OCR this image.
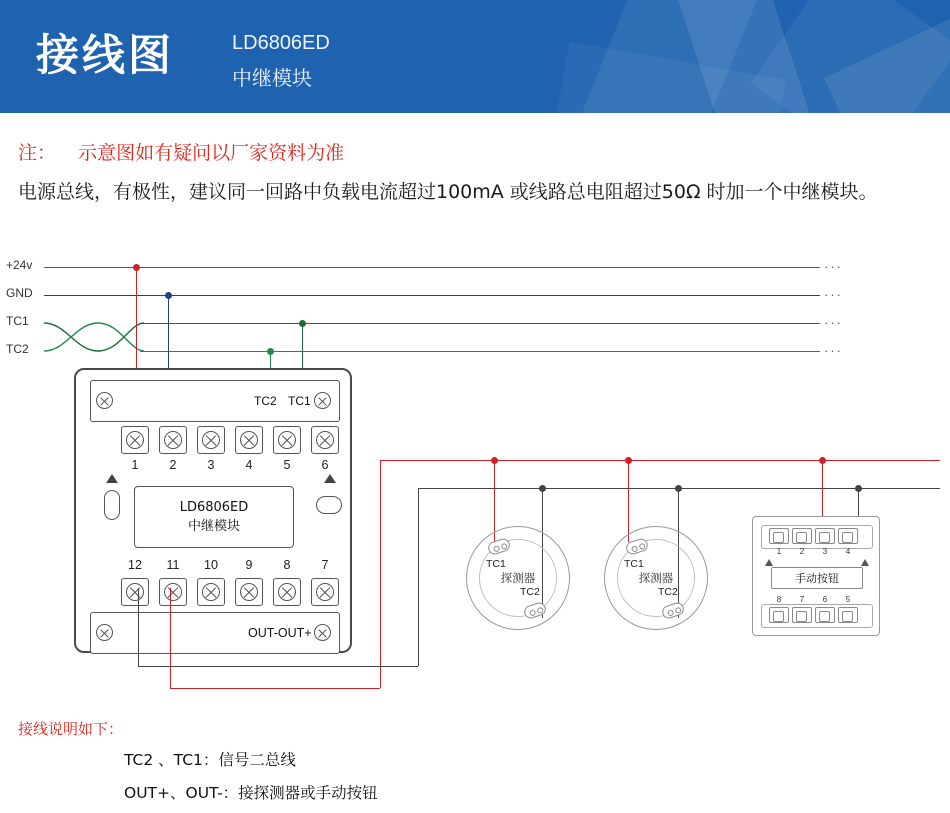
接线图	LD6806ED
中继模块
注： 示意图如有疑问以厂家资料为准
电源总线，有极性，建议同一回路中负载电流超过100mA 或线路总电阻超过50Ω 时加一个中继模块。
+24v
GND
TC1
TC2
···
···
···
···
TC2 TC1
1	2	3	4	5	6
LD6806ED
中继模块
12	11	10	9	8	7
OUT-OUT+
探测器
TC1
TC2
探测器
TC1
TC2
1	2	3	4
手动按钮
8	7	6	5
接线说明如下：
TC2 、TC1：信号二总线
OUT+、OUT-：接探测器或手动按钮
